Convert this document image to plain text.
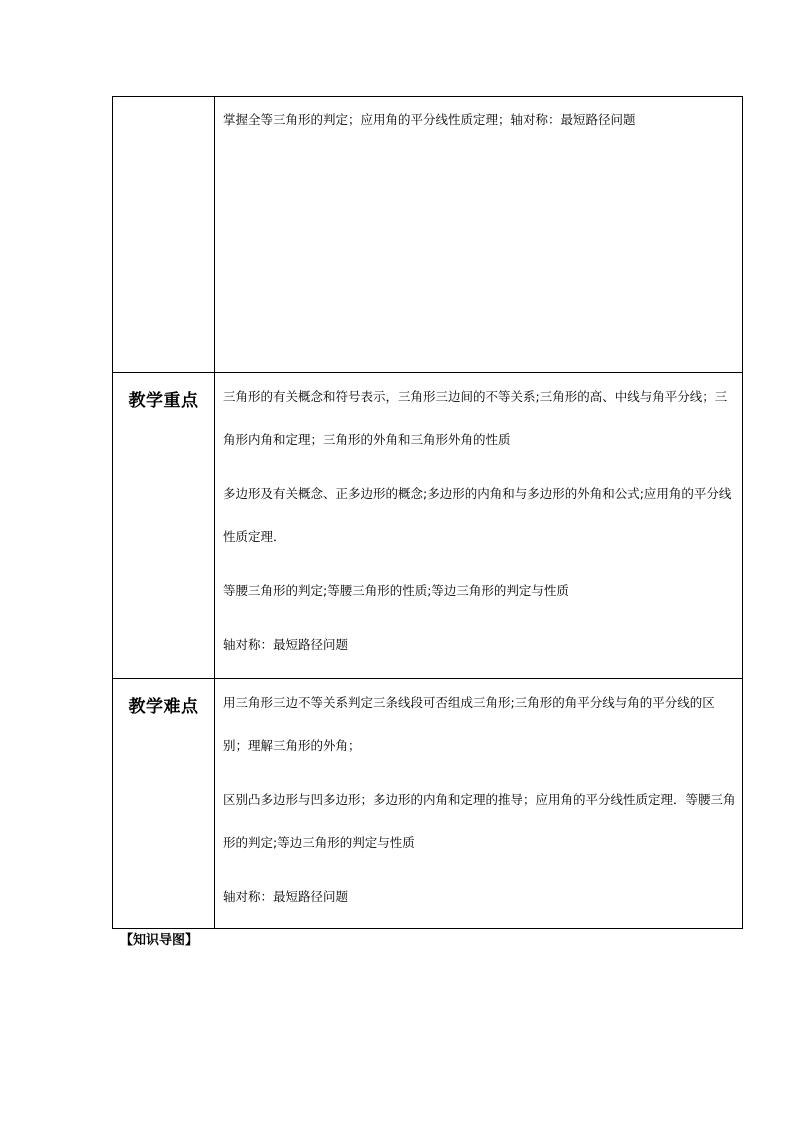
	掌握全等三角形的判定；应用角的平分线性质定理；轴对称：最短路径问题

教学重点	三角形的有关概念和符号表示，三角形三边间的不等关系;三角形的高、中线与角平分线；三角形内角和定理；三角形的外角和三角形外角的性质

多边形及有关概念、正多边形的概念;多边形的内角和与多边形的外角和公式;应用角的平分线性质定理．

等腰三角形的判定;等腰三角形的性质;等边三角形的判定与性质

轴对称：最短路径问题

教学难点	用三角形三边不等关系判定三条线段可否组成三角形;三角形的角平分线与角的平分线的区别；理解三角形的外角；

区别凸多边形与凹多边形；多边形的内角和定理的推导；应用角的平分线性质定理．等腰三角形的判定;等边三角形的判定与性质

轴对称：最短路径问题

【知识导图】
